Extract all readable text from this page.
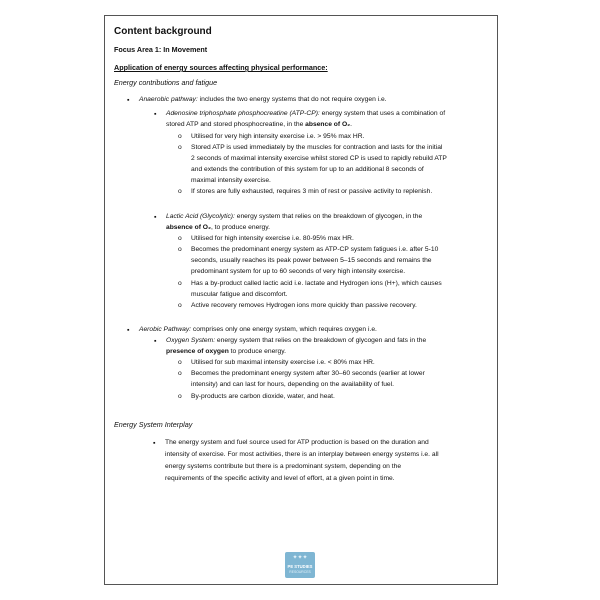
Content background
Focus Area 1: In Movement
Application of energy sources affecting physical performance:
Energy contributions and fatigue
▪ Anaerobic pathway: includes the two energy systems that do not require oxygen i.e.
▪ Adenosine triphosphate phosphocreatine (ATP-CP): energy system that uses a combination of
stored ATP and stored phosphocreatine, in the absence of O₂.
o Utilised for very high intensity exercise i.e. > 95% max HR.
o Stored ATP is used immediately by the muscles for contraction and lasts for the initial
2 seconds of maximal intensity exercise whilst stored CP is used to rapidly rebuild ATP
and extends the contribution of this system for up to an additional 8 seconds of
maximal intensity exercise.
o If stores are fully exhausted, requires 3 min of rest or passive activity to replenish.
▪ Lactic Acid (Glycolytic): energy system that relies on the breakdown of glycogen, in the
absence of O₂, to produce energy.
o Utilised for high intensity exercise i.e. 80-95% max HR.
o Becomes the predominant energy system as ATP-CP system fatigues i.e. after 5-10
seconds, usually reaches its peak power between 5–15 seconds and remains the
predominant system for up to 60 seconds of very high intensity exercise.
o Has a by-product called lactic acid i.e. lactate and Hydrogen ions (H+), which causes
muscular fatigue and discomfort.
o Active recovery removes Hydrogen ions more quickly than passive recovery.
▪ Aerobic Pathway: comprises only one energy system, which requires oxygen i.e.
▪ Oxygen System: energy system that relies on the breakdown of glycogen and fats in the
presence of oxygen to produce energy.
o Utilised for sub maximal intensity exercise i.e. < 80% max HR.
o Becomes the predominant energy system after 30–60 seconds (earlier at lower
intensity) and can last for hours, depending on the availability of fuel.
o By-products are carbon dioxide, water, and heat.
Energy System Interplay
▪ The energy system and fuel source used for ATP production is based on the duration and
intensity of exercise. For most activities, there is an interplay between energy systems i.e. all
energy systems contribute but there is a predominant system, depending on the
requirements of the specific activity and level of effort, at a given point in time.
✦✦✦
PE STUDIES
RESOURCES
